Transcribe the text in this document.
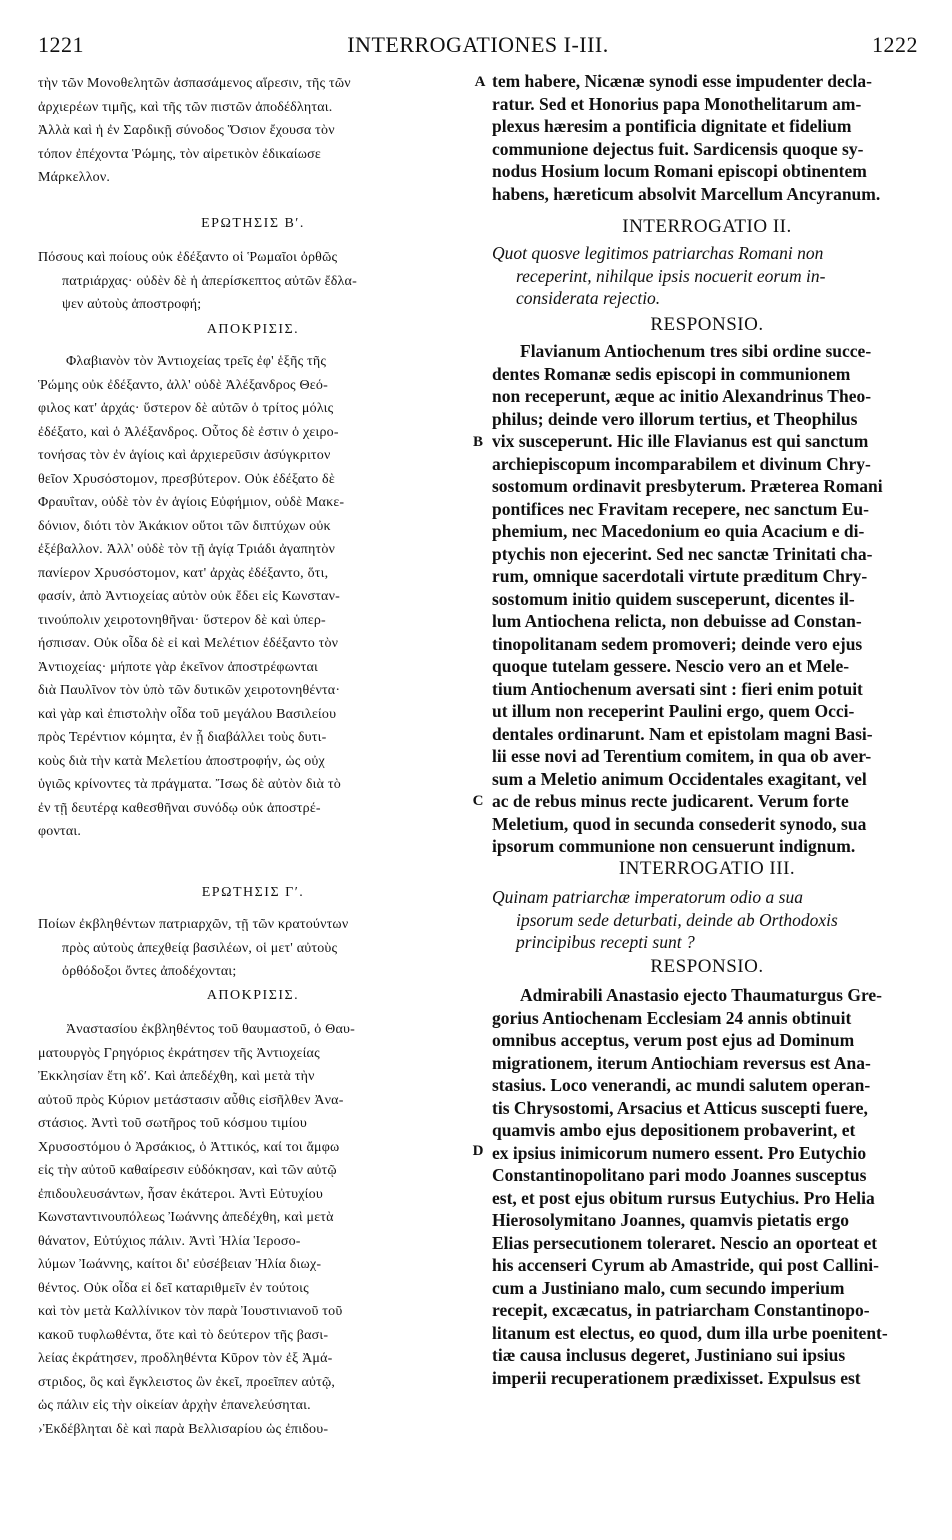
INTERROGATIONES I-III.
1221	1222
τὴν τῶν Μονοθελητῶν ἀσπασάμενος αἵρεσιν, τῆς τῶν
ἀρχιερέων τιμῆς, καὶ τῆς τῶν πιστῶν ἀποδέδληται.
Ἀλλὰ καὶ ἡ ἐν Σαρδικῇ σύνοδος Ὅσιον ἔχουσα τὸν
τόπον ἐπέχοντα Ῥώμης, τὸν αἱρετικὸν ἐδικαίωσε
Μάρκελλον.
ΕΡΩΤΗΣΙΣ Β′.
Πόσους καὶ ποίους οὐκ ἐδέξαντο οἱ Ῥωμαῖοι ὀρθῶς
πατριάρχας· οὐδὲν δὲ ἡ ἀπερίσκεπτος αὐτῶν ἔδλα-
ψεν αὐτοὺς ἀποστροφή;
ΑΠΟΚΡΙΣΙΣ.
Φλαβιανὸν τὸν Ἀντιοχείας τρεῖς ἐφ' ἑξῆς τῆς
Ῥώμης οὐκ ἐδέξαντο, ἀλλ' οὐδὲ Ἀλέξανδρος Θεό-
φιλος κατ' ἀρχάς· ὕστερον δὲ αὐτῶν ὁ τρίτος μόλις
ἐδέξατο, καὶ ὁ Ἀλέξανδρος. Οὗτος δὲ ἐστιν ὁ χειρο-
τονήσας τὸν ἐν ἁγίοις καὶ ἀρχιερεῦσιν ἀσύγκριτον
θεῖον Χρυσόστομον, πρεσβύτερον. Οὐκ ἐδέξατο δὲ
Φραυΐταν, οὐδὲ τὸν ἐν ἁγίοις Εὐφήμιον, οὐδὲ Μακε-
δόνιον, διότι τὸν Ἀκάκιον οὕτοι τῶν διπτύχων οὐκ
ἐξέβαλλον. Ἀλλ' οὐδὲ τὸν τῇ ἁγίᾳ Τριάδι ἀγαπητὸν
πανίερον Χρυσόστομον, κατ' ἀρχὰς ἐδέξαντο, ὅτι,
φασίν, ἀπὸ Ἀντιοχείας αὐτὸν οὐκ ἔδει εἰς Κωνσταν-
τινούπολιν χειροτονηθῆναι· ὕστερον δὲ καὶ ὑπερ-
ήσπισαν. Οὐκ οἶδα δὲ εἰ καὶ Μελέτιον ἐδέξαντο τὸν
Ἀντιοχείας· μήποτε γὰρ ἐκεῖνον ἀποστρέφωνται
διὰ Παυλῖνον τὸν ὑπὸ τῶν δυτικῶν χειροτονηθέντα·
καὶ γὰρ καὶ ἐπιστολὴν οἶδα τοῦ μεγάλου Βασιλείου
πρὸς Τερέντιον κόμητα, ἐν ᾗ διαβάλλει τοὺς δυτι-
κοὺς διὰ τὴν κατὰ Μελετίου ἀποστροφήν, ὡς οὐχ
ὑγιῶς κρίνοντες τὰ πράγματα. Ἴσως δὲ αὐτὸν διὰ τὸ
ἐν τῇ δευτέρᾳ καθεσθῆναι συνόδῳ οὐκ ἀποστρέ-
φονται.
ΕΡΩΤΗΣΙΣ Γ′.
Ποίων ἐκβληθέντων πατριαρχῶν, τῇ τῶν κρατούντων
πρὸς αὐτοὺς ἀπεχθείᾳ βασιλέων, οἱ μετ' αὐτοὺς
ὀρθόδοξοι ὄντες ἀποδέχονται;
ΑΠΟΚΡΙΣΙΣ.
Ἀναστασίου ἐκβληθέντος τοῦ θαυμαστοῦ, ὁ Θαυ-
ματουργὸς Γρηγόριος ἐκράτησεν τῆς Ἀντιοχείας
Ἐκκλησίαν ἔτη κδ′. Καὶ ἀπεδέχθη, καὶ μετὰ τὴν
αὐτοῦ πρὸς Κύριον μετάστασιν αὖθις εἰσῆλθεν Ἀνα-
στάσιος. Ἀντὶ τοῦ σωτῆρος τοῦ κόσμου τιμίου
Χρυσοστόμου ὁ Ἀρσάκιος, ὁ Ἀττικός, καί τοι ἄμφω
εἰς τὴν αὐτοῦ καθαίρεσιν εὐδόκησαν, καὶ τῶν αὐτῷ
ἐπιδουλευσάντων, ἦσαν ἑκάτεροι. Ἀντὶ Εὐτυχίου
Κωνσταντινουπόλεως Ἰωάννης ἀπεδέχθη, καὶ μετὰ
θάνατον, Εὐτύχιος πάλιν. Ἀντὶ Ἠλία Ἱεροσο-
λύμων Ἰωάννης, καίτοι δι' εὐσέβειαν Ἠλία διωχ-
θέντος. Οὐκ οἶδα εἰ δεῖ καταριθμεῖν ἐν τούτοις
καὶ τὸν μετὰ Καλλίνικον τὸν παρὰ Ἰουστινιανοῦ τοῦ
κακοῦ τυφλωθέντα, ὅτε καὶ τὸ δεύτερον τῆς βασι-
λείας ἐκράτησεν, προδληθέντα Κῦρον τὸν ἐξ Ἀμά-
στριδος, ὃς καὶ ἔγκλειστος ὢν ἐκεῖ, προεῖπεν αὐτῷ,
ὡς πάλιν εἰς τὴν οἰκείαν ἀρχὴν ἐπανελεύσηται.
›Ἐκδέβληται δὲ καὶ παρὰ Βελλισαρίου ὡς ἐπιδου-
A
B
C
D
tem habere, Nicænæ synodi esse impudenter decla-
ratur. Sed et Honorius papa Monothelitarum am-
plexus hæresim a pontificia dignitate et fidelium
communione dejectus fuit. Sardicensis quoque sy-
nodus Hosium locum Romani episcopi obtinentem
habens, hæreticum absolvit Marcellum Ancyranum.
INTERROGATIO II.
Quot quosve legitimos patriarchas Romani non
receperint, nihilque ipsis nocuerit eorum in-
considerata rejectio.
RESPONSIO.
Flavianum Antiochenum tres sibi ordine succe-
dentes Romanæ sedis episcopi in communionem
non receperunt, æque ac initio Alexandrinus Theo-
philus; deinde vero illorum tertius, et Theophilus
vix susceperunt. Hic ille Flavianus est qui sanctum
archiepiscopum incomparabilem et divinum Chry-
sostomum ordinavit presbyterum. Præterea Romani
pontifices nec Fravitam recepere, nec sanctum Eu-
phemium, nec Macedonium eo quia Acacium e di-
ptychis non ejecerint. Sed nec sanctæ Trinitati cha-
rum, omnique sacerdotali virtute præditum Chry-
sostomum initio quidem susceperunt, dicentes il-
lum Antiochena relicta, non debuisse ad Constan-
tinopolitanam sedem promoveri; deinde vero ejus
quoque tutelam gessere. Nescio vero an et Mele-
tium Antiochenum aversati sint : fieri enim potuit
ut illum non receperint Paulini ergo, quem Occi-
dentales ordinarunt. Nam et epistolam magni Basi-
lii esse novi ad Terentium comitem, in qua ob aver-
sum a Meletio animum Occidentales exagitant, vel
ac de rebus minus recte judicarent. Verum forte
Meletium, quod in secunda consederit synodo, sua
ipsorum communione non censuerunt indignum.
INTERROGATIO III.
Quinam patriarchæ imperatorum odio a sua
ipsorum sede deturbati, deinde ab Orthodoxis
principibus recepti sunt ?
RESPONSIO.
Admirabili Anastasio ejecto Thaumaturgus Gre-
gorius Antiochenam Ecclesiam 24 annis obtinuit
omnibus acceptus, verum post ejus ad Dominum
migrationem, iterum Antiochiam reversus est Ana-
stasius. Loco venerandi, ac mundi salutem operan-
tis Chrysostomi, Arsacius et Atticus suscepti fuere,
quamvis ambo ejus depositionem probaverint, et
ex ipsius inimicorum numero essent. Pro Eutychio
Constantinopolitano pari modo Joannes susceptus
est, et post ejus obitum rursus Eutychius. Pro Helia
Hierosolymitano Joannes, quamvis pietatis ergo
Elias persecutionem toleraret. Nescio an oporteat et
his accenseri Cyrum ab Amastride, qui post Callini-
cum a Justiniano malo, cum secundo imperium
recepit, excæcatus, in patriarcham Constantinopo-
litanum est electus, eo quod, dum illa urbe poenitent-
tiæ causa inclusus degeret, Justiniano sui ipsius
imperii recuperationem prædixisset. Expulsus est
